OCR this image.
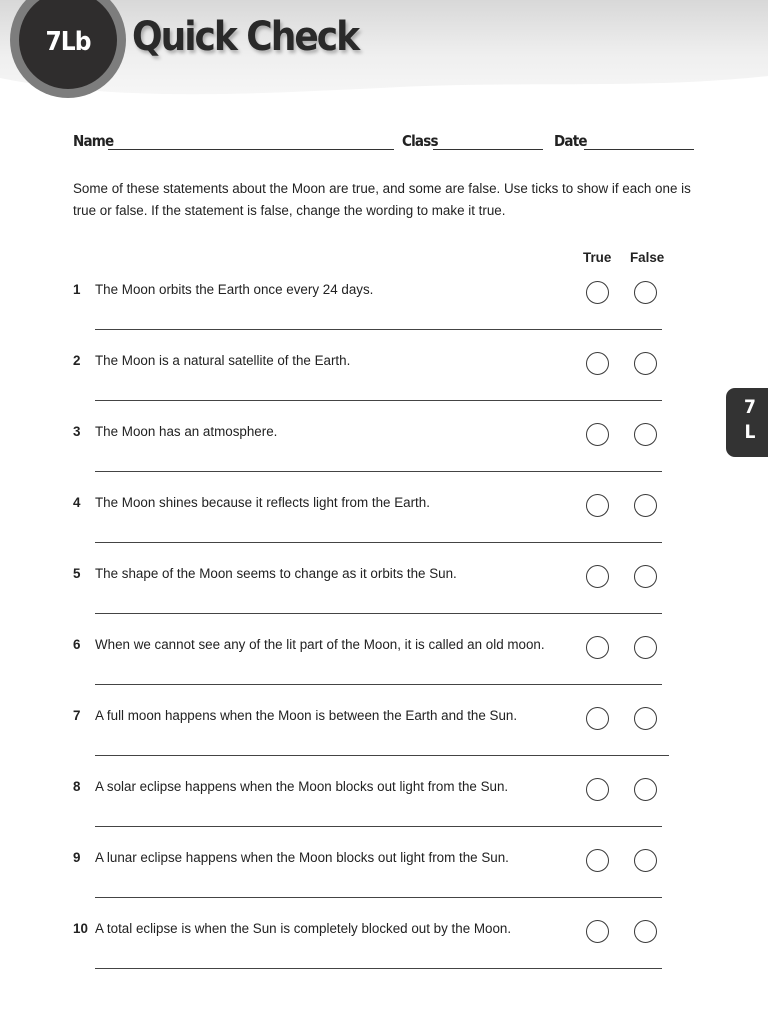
7Lb	Quick Check
Name	Class	Date
Some of these statements about the Moon are true, and some are false. Use ticks to show if each one is true or false. If the statement is false, change the wording to make it true.
True False
1 The Moon orbits the Earth once every 24 days.
2 The Moon is a natural satellite of the Earth.
3 The Moon has an atmosphere.
4 The Moon shines because it reflects light from the Earth.
5 The shape of the Moon seems to change as it orbits the Sun.
6 When we cannot see any of the lit part of the Moon, it is called an old moon.
7 A full moon happens when the Moon is between the Earth and the Sun.
8 A solar eclipse happens when the Moon blocks out light from the Sun.
9 A lunar eclipse happens when the Moon blocks out light from the Sun.
10 A total eclipse is when the Sun is completely blocked out by the Moon.
7
L
